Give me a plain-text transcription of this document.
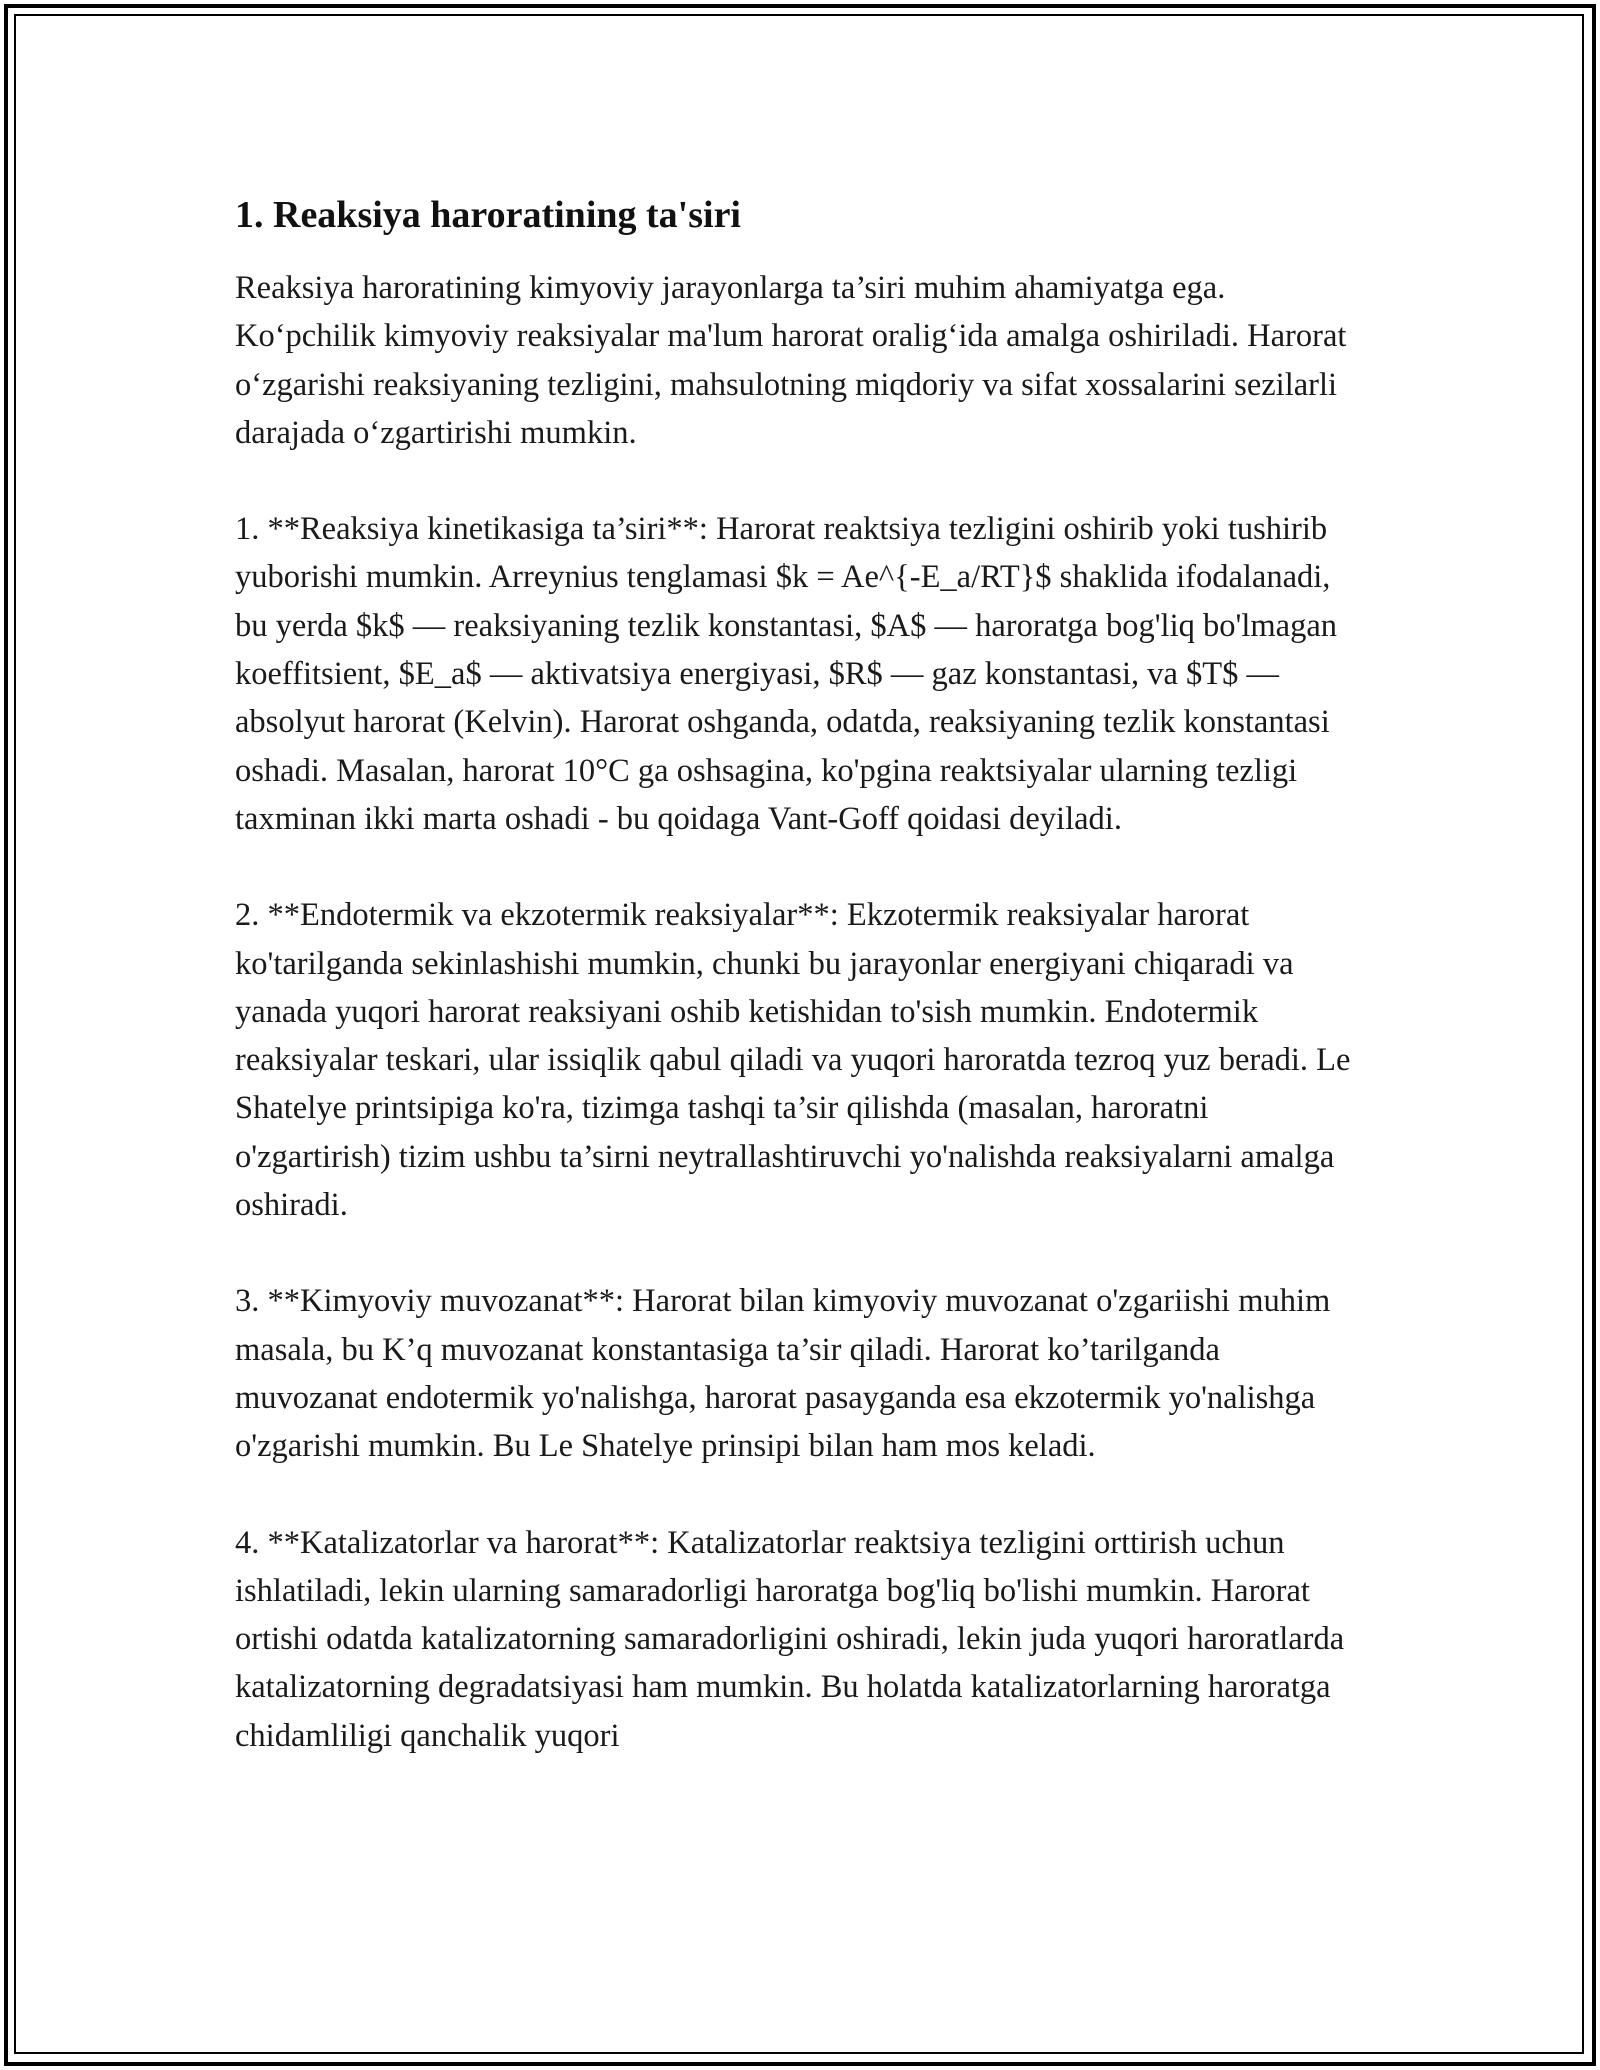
1. Reaksiya haroratining ta'siri

Reaksiya haroratining kimyoviy jarayonlarga ta’siri muhim ahamiyatga ega. Ko‘pchilik kimyoviy reaksiyalar ma'lum harorat oralig‘ida amalga oshiriladi. Harorat o‘zgarishi reaksiyaning tezligini, mahsulotning miqdoriy va sifat xossalarini sezilarli darajada o‘zgartirishi mumkin.

1. **Reaksiya kinetikasiga ta’siri**: Harorat reaktsiya tezligini oshirib yoki tushirib yuborishi mumkin. Arreynius tenglamasi $k = Ae^{-E_a/RT}$ shaklida ifodalanadi, bu yerda $k$ — reaksiyaning tezlik konstantasi, $A$ — haroratga bog'liq bo'lmagan koeffitsient, $E_a$ — aktivatsiya energiyasi, $R$ — gaz konstantasi, va $T$ — absolyut harorat (Kelvin). Harorat oshganda, odatda, reaksiyaning tezlik konstantasi oshadi. Masalan, harorat 10°C ga oshsagina, ko'pgina reaktsiyalar ularning tezligi taxminan ikki marta oshadi - bu qoidaga Vant-Goff qoidasi deyiladi.

2. **Endotermik va ekzotermik reaksiyalar**: Ekzotermik reaksiyalar harorat ko'tarilganda sekinlashishi mumkin, chunki bu jarayonlar energiyani chiqaradi va yanada yuqori harorat reaksiyani oshib ketishidan to'sish mumkin. Endotermik reaksiyalar teskari, ular issiqlik qabul qiladi va yuqori haroratda tezroq yuz beradi. Le Shatelye printsipiga ko'ra, tizimga tashqi ta’sir qilishda (masalan, haroratni o'zgartirish) tizim ushbu ta’sirni neytrallashtiruvchi yo'nalishda reaksiyalarni amalga oshiradi.

3. **Kimyoviy muvozanat**: Harorat bilan kimyoviy muvozanat o'zgariishi muhim masala, bu K’q muvozanat konstantasiga ta’sir qiladi. Harorat ko’tarilganda muvozanat endotermik yo'nalishga, harorat pasayganda esa ekzotermik yo'nalishga o'zgarishi mumkin. Bu Le Shatelye prinsipi bilan ham mos keladi.

4. **Katalizatorlar va harorat**: Katalizatorlar reaktsiya tezligini orttirish uchun ishlatiladi, lekin ularning samaradorligi haroratga bog'liq bo'lishi mumkin. Harorat ortishi odatda katalizatorning samaradorligini oshiradi, lekin juda yuqori haroratlarda katalizatorning degradatsiyasi ham mumkin. Bu holatda katalizatorlarning haroratga chidamliligi qanchalik yuqori
